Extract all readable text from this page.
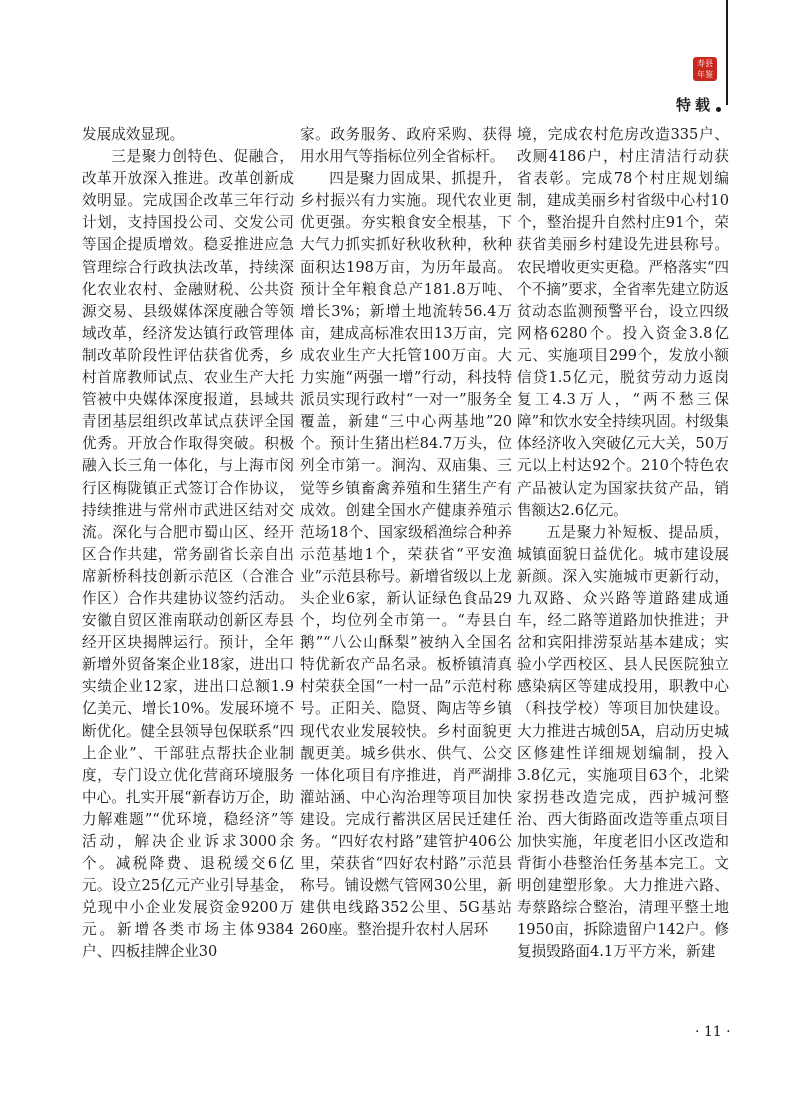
寿县
年鉴
特载

发展成效显现。

三是聚力创特色、促融合，改革开放深入推进。改革创新成效明显。完成国企改革三年行动计划，支持国投公司、交发公司等国企提质增效。稳妥推进应急管理综合行政执法改革，持续深化农业农村、金融财税、公共资源交易、县级媒体深度融合等领域改革，经济发达镇行政管理体制改革阶段性评估获省优秀，乡村首席教师试点、农业生产大托管被中央媒体深度报道，县域共青团基层组织改革试点获评全国优秀。开放合作取得突破。积极融入长三角一体化，与上海市闵行区梅陇镇正式签订合作协议，持续推进与常州市武进区结对交流。深化与合肥市蜀山区、经开区合作共建，常务副省长亲自出席新桥科技创新示范区（合淮合作区）合作共建协议签约活动。安徽自贸区淮南联动创新区寿县经开区块揭牌运行。预计，全年新增外贸备案企业18家，进出口实绩企业12家，进出口总额1.9亿美元、增长10%。发展环境不断优化。健全县领导包保联系“四上企业”、干部驻点帮扶企业制度，专门设立优化营商环境服务中心。扎实开展“新春访万企，助力解难题”“优环境，稳经济”等活动，解决企业诉求3000余个。减税降费、退税缓交6亿元。设立25亿元产业引导基金，兑现中小企业发展资金9200万元。新增各类市场主体9384户、四板挂牌企业30

家。政务服务、政府采购、获得用水用气等指标位列全省标杆。

四是聚力固成果、抓提升，乡村振兴有力实施。现代农业更优更强。夯实粮食安全根基，下大气力抓实抓好秋收秋种，秋种面积达198万亩，为历年最高。预计全年粮食总产181.8万吨、增长3%；新增土地流转56.4万亩，建成高标准农田13万亩，完成农业生产大托管100万亩。大力实施“两强一增”行动，科技特派员实现行政村“一对一”服务全覆盖，新建“三中心两基地”20个。预计生猪出栏84.7万头，位列全市第一。涧沟、双庙集、三觉等乡镇畜禽养殖和生猪生产有成效。创建全国水产健康养殖示范场18个、国家级稻渔综合种养示范基地1个，荣获省“平安渔业”示范县称号。新增省级以上龙头企业6家，新认证绿色食品29个，均位列全市第一。“寿县白鹅”“八公山酥梨”被纳入全国名特优新农产品名录。板桥镇清真村荣获全国“一村一品”示范村称号。正阳关、隐贤、陶店等乡镇现代农业发展较快。乡村面貌更靓更美。城乡供水、供气、公交一体化项目有序推进，肖严湖排灌站涵、中心沟治理等项目加快建设。完成行蓄洪区居民迁建任务。“四好农村路”建管护406公里，荣获省“四好农村路”示范县称号。铺设燃气管网30公里，新建供电线路352公里、5G基站260座。整治提升农村人居环

境，完成农村危房改造335户、改厕4186户，村庄清洁行动获省表彰。完成78个村庄规划编制，建成美丽乡村省级中心村10个，整治提升自然村庄91个，荣获省美丽乡村建设先进县称号。农民增收更实更稳。严格落实“四个不摘”要求，全省率先建立防返贫动态监测预警平台，设立四级网格6280个。投入资金3.8亿元、实施项目299个，发放小额信贷1.5亿元，脱贫劳动力返岗复工4.3万人，“两不愁三保障”和饮水安全持续巩固。村级集体经济收入突破亿元大关，50万元以上村达92个。210个特色农产品被认定为国家扶贫产品，销售额达2.6亿元。

五是聚力补短板、提品质，城镇面貌日益优化。城市建设展新颜。深入实施城市更新行动，九双路、众兴路等道路建成通车，经二路等道路加快推进；尹岔和宾阳排涝泵站基本建成；实验小学西校区、县人民医院独立感染病区等建成投用，职教中心（科技学校）等项目加快建设。大力推进古城创5A，启动历史城区修建性详细规划编制，投入3.8亿元，实施项目63个，北梁家拐巷改造完成，西护城河整治、西大街路面改造等重点项目加快实施，年度老旧小区改造和背街小巷整治任务基本完工。文明创建塑形象。大力推进六路、寿蔡路综合整治，清理平整土地1950亩，拆除遗留户142户。修复损毁路面4.1万平方米，新建

· 11 ·
